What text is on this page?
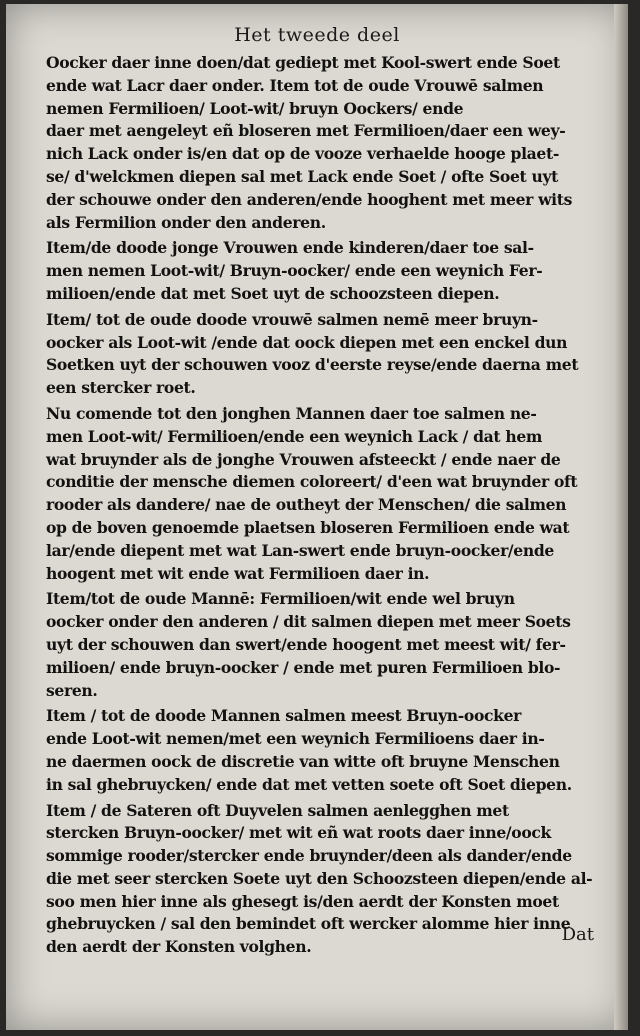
Het tweede deel
Oocker daer inne doen/dat gediept met Kool-swert ende Soet
ende wat Lacr daer onder. Item tot de oude Vrouwē salmen
nemen Fermilioen/ Loot-wit/ bruyn Oockers/ ende
daer met aengeleyt eñ bloseren met Fermilioen/daer een wey-
nich Lack onder is/en dat op de vooze verhaelde hooge plaet-
se/ d'welckmen diepen sal met Lack ende Soet / ofte Soet uyt
der schouwe onder den anderen/ende hooghent met meer wits
als Fermilion onder den anderen.
Item/de doode jonge Vrouwen ende kinderen/daer toe sal-
men nemen Loot-wit/ Bruyn-oocker/ ende een weynich Fer-
milioen/ende dat met Soet uyt de schoozsteen diepen.
Item/ tot de oude doode vrouwē salmen nemē meer bruyn-
oocker als Loot-wit /ende dat oock diepen met een enckel dun
Soetken uyt der schouwen vooz d'eerste reyse/ende daerna met
een stercker roet.
Nu comende tot den jonghen Mannen daer toe salmen ne-
men Loot-wit/ Fermilioen/ende een weynich Lack / dat hem
wat bruynder als de jonghe Vrouwen afsteeckt / ende naer de
conditie der mensche diemen coloreert/ d'een wat bruynder oft
rooder als dandere/ nae de outheyt der Menschen/ die salmen
op de boven genoemde plaetsen bloseren Fermilioen ende wat
lar/ende diepent met wat Lan-swert ende bruyn-oocker/ende
hoogent met wit ende wat Fermilioen daer in.
Item/tot de oude Mannē: Fermilioen/wit ende wel bruyn
oocker onder den anderen / dit salmen diepen met meer Soets
uyt der schouwen dan swert/ende hoogent met meest wit/ fer-
milioen/ ende bruyn-oocker / ende met puren Fermilioen blo-
seren.
Item / tot de doode Mannen salmen meest Bruyn-oocker
ende Loot-wit nemen/met een weynich Fermilioens daer in-
ne daermen oock de discretie van witte oft bruyne Menschen
in sal ghebruycken/ ende dat met vetten soete oft Soet diepen.
Item / de Sateren oft Duyvelen salmen aenlegghen met
stercken Bruyn-oocker/ met wit eñ wat roots daer inne/oock
sommige rooder/stercker ende bruynder/deen als dander/ende
die met seer stercken Soete uyt den Schoozsteen diepen/ende al-
soo men hier inne als ghesegt is/den aerdt der Konsten moet
ghebruycken / sal den bemindet oft wercker alomme hier inne
den aerdt der Konsten volghen.
Dat
